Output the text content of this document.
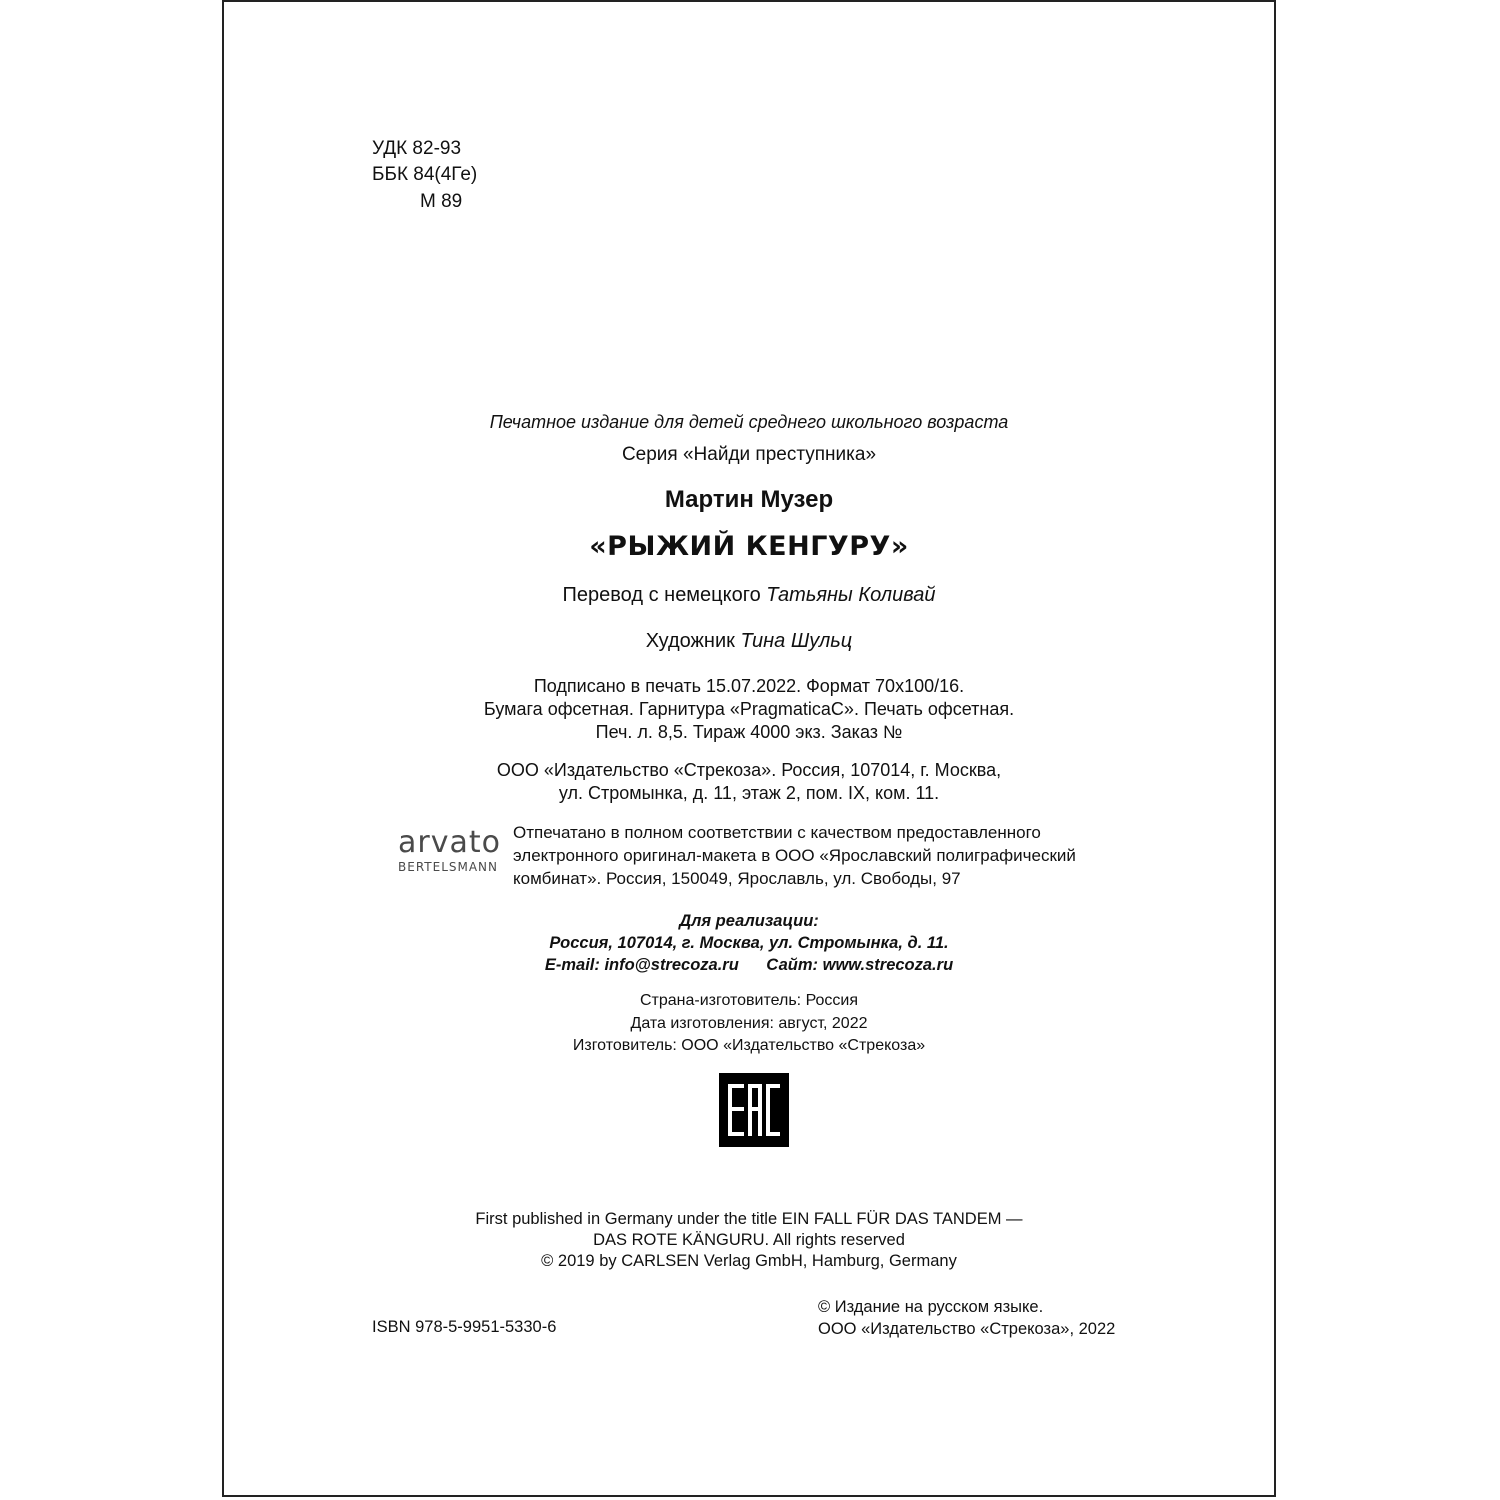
УДК 82-93
ББК 84(4Ге)
М 89
Печатное издание для детей среднего школьного возраста
Серия «Найди преступника»
Мартин Музер
«РЫЖИЙ КЕНГУРУ»
Перевод с немецкого Татьяны Коливай
Художник Тина Шульц
Подписано в печать 15.07.2022. Формат 70x100/16.
Бумага офсетная. Гарнитура «PragmaticaC». Печать офсетная.
Печ. л. 8,5. Тираж 4000 экз. Заказ №
ООО «Издательство «Стрекоза». Россия, 107014, г. Москва,
ул. Стромынка, д. 11, этаж 2, пом. IX, ком. 11.
arvato
BERTELSMANN
Отпечатано в полном соответствии с качеством предоставленного
электронного оригинал-макета в ООО «Ярославский полиграфический
комбинат». Россия, 150049, Ярославль, ул. Свободы, 97
Для реализации:
Россия, 107014, г. Москва, ул. Стромынка, д. 11.
E-mail: info@strecoza.ru      Сайт: www.strecoza.ru
Страна-изготовитель: Россия
Дата изготовления: август, 2022
Изготовитель: ООО «Издательство «Стрекоза»
First published in Germany under the title EIN FALL FÜR DAS TANDEM —
DAS ROTE KÄNGURU. All rights reserved
© 2019 by CARLSEN Verlag GmbH, Hamburg, Germany
ISBN 978-5-9951-5330-6
© Издание на русском языке.
ООО «Издательство «Стрекоза», 2022
